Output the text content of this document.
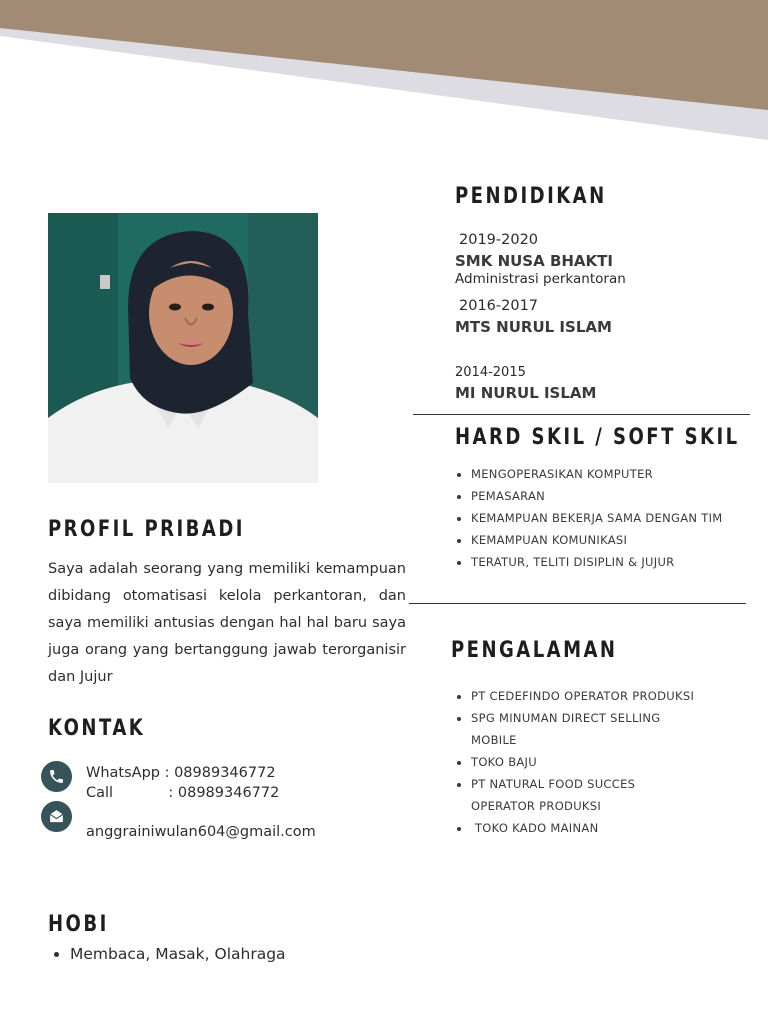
PROFIL PRIBADI

Saya adalah seorang yang memiliki kemampuan dibidang otomatisasi kelola perkantoran, dan saya memiliki antusias dengan hal hal baru saya juga orang yang bertanggung jawab terorganisir dan Jujur

KONTAK
WhatsApp : 08989346772
Call            : 08989346772
anggrainiwulan604@gmail.com
HOBI
• Membaca, Masak, Olahraga
PENDIDIKAN
2019-2020
SMK NUSA BHAKTI
Administrasi perkantoran
2016-2017
MTS NURUL ISLAM
2014-2015
MI NURUL ISLAM
HARD SKIL / SOFT SKIL
• MENGOPERASIKAN KOMPUTER
• PEMASARAN
• KEMAMPUAN BEKERJA SAMA DENGAN TIM
• KEMAMPUAN KOMUNIKASI
• TERATUR, TELITI DISIPLIN & JUJUR
PENGALAMAN
• PT CEDEFINDO OPERATOR PRODUKSI
• SPG MINUMAN DIRECT SELLING MOBILE
• TOKO BAJU
• PT NATURAL FOOD SUCCES OPERATOR PRODUKSI
•  TOKO KADO MAINAN
